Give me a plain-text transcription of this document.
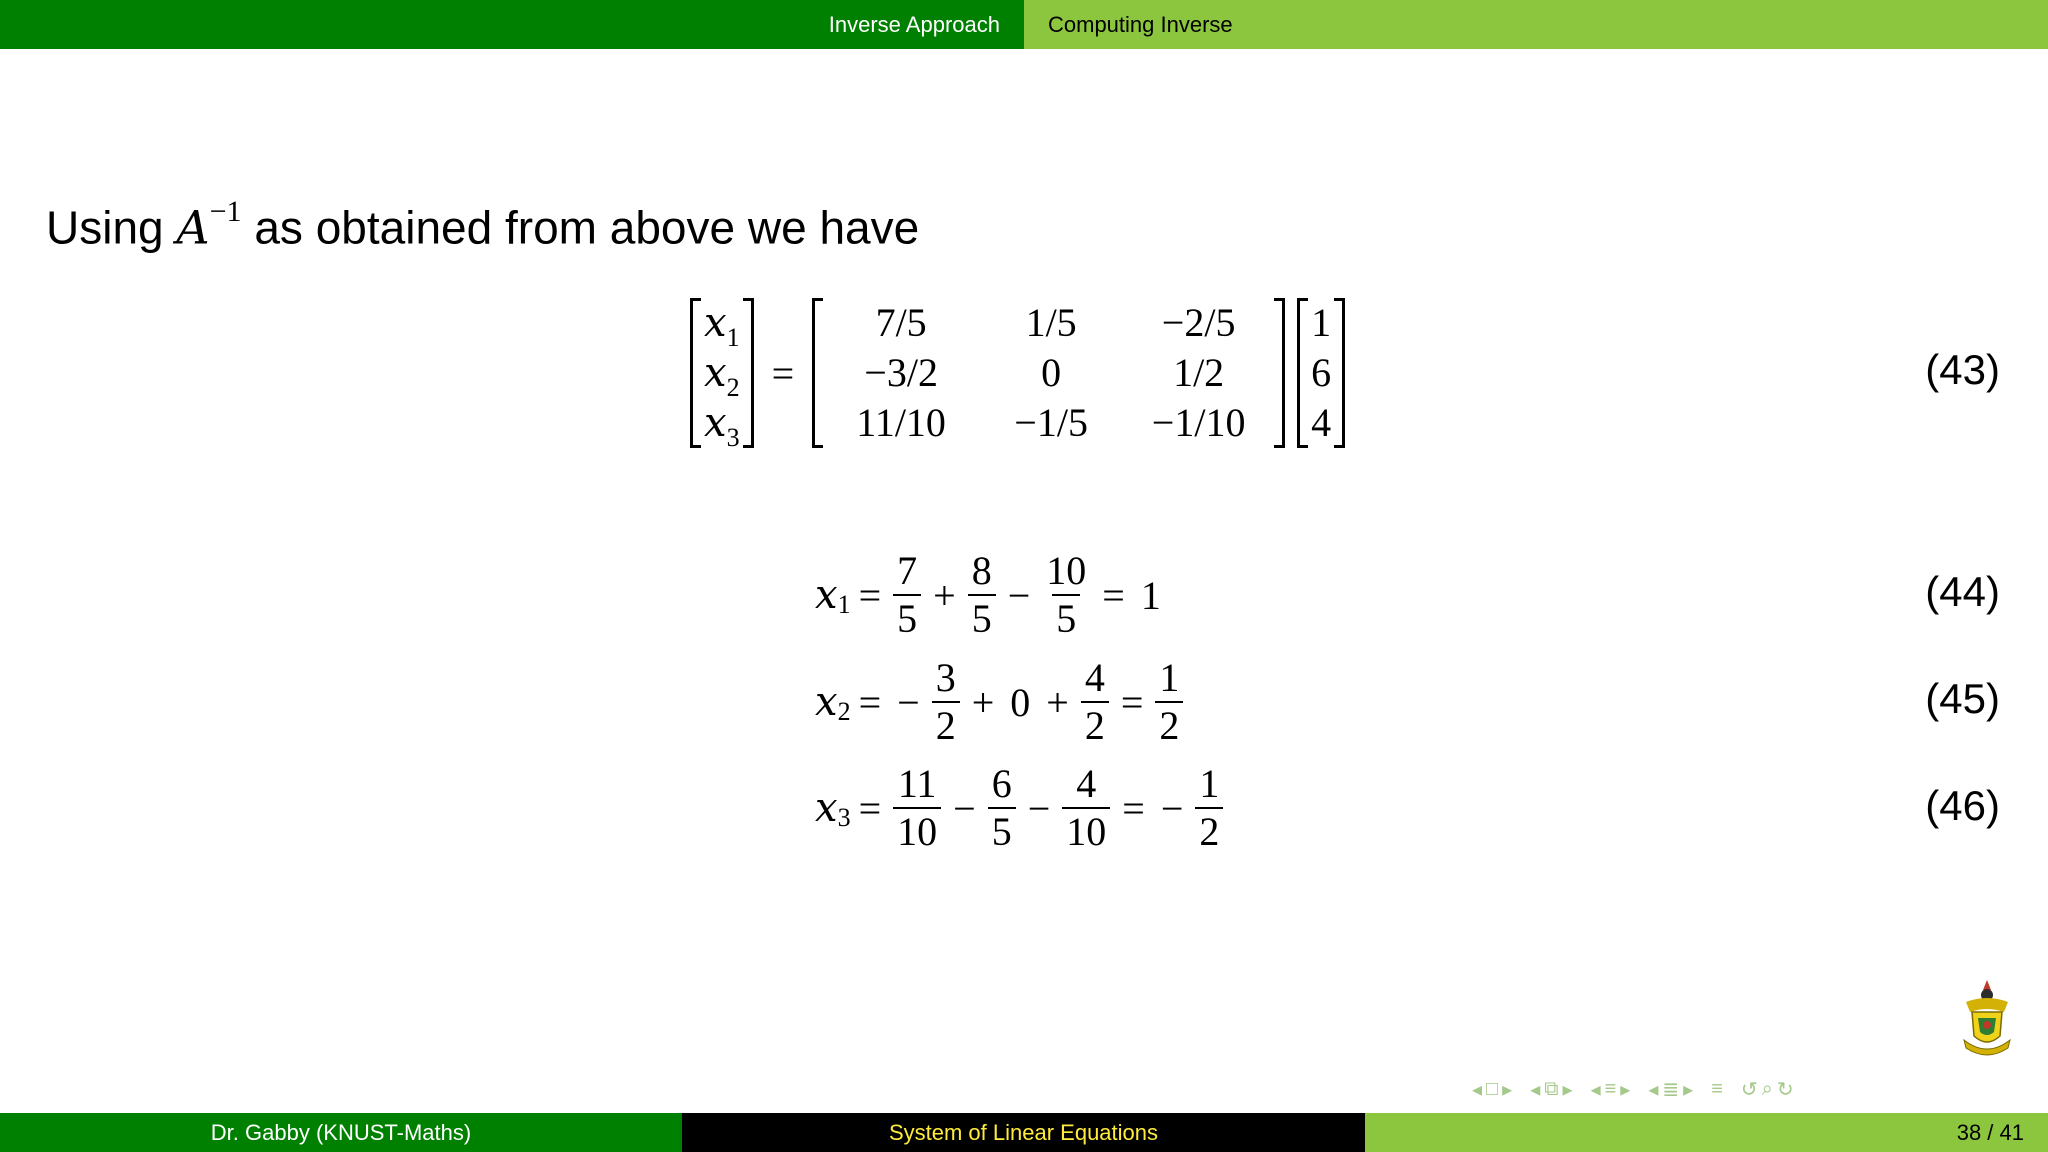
Inverse Approach	Computing Inverse
Using $A^{-1}$ as obtained from above we have
$x_1$
$x_2$
$x_3$
=
7/5	1/5	−2/5
−3/2	0	1/2
11/10	−1/5	−1/10
1
6
4
(43)
x $1 = \frac{7}{5} + \frac{8}{5} - \frac{10}{5} = 1$	(44)
x 2 = − $\frac{3}{2} + 0 + \frac{4}{2} = \frac{1}{2}$	(45)
x $3 = \frac{11}{10} - \frac{6}{5} - \frac{4}{10}$ = − $\frac{1}{2}$	(46)
◂ □ ▸ ◂ ⧉ ▸ ◂ ≡ ▸ ◂ ≣ ▸ ≡ ↺ ⌕ ↻
Dr. Gabby (KNUST-Maths)	System of Linear Equations	38 / 41
